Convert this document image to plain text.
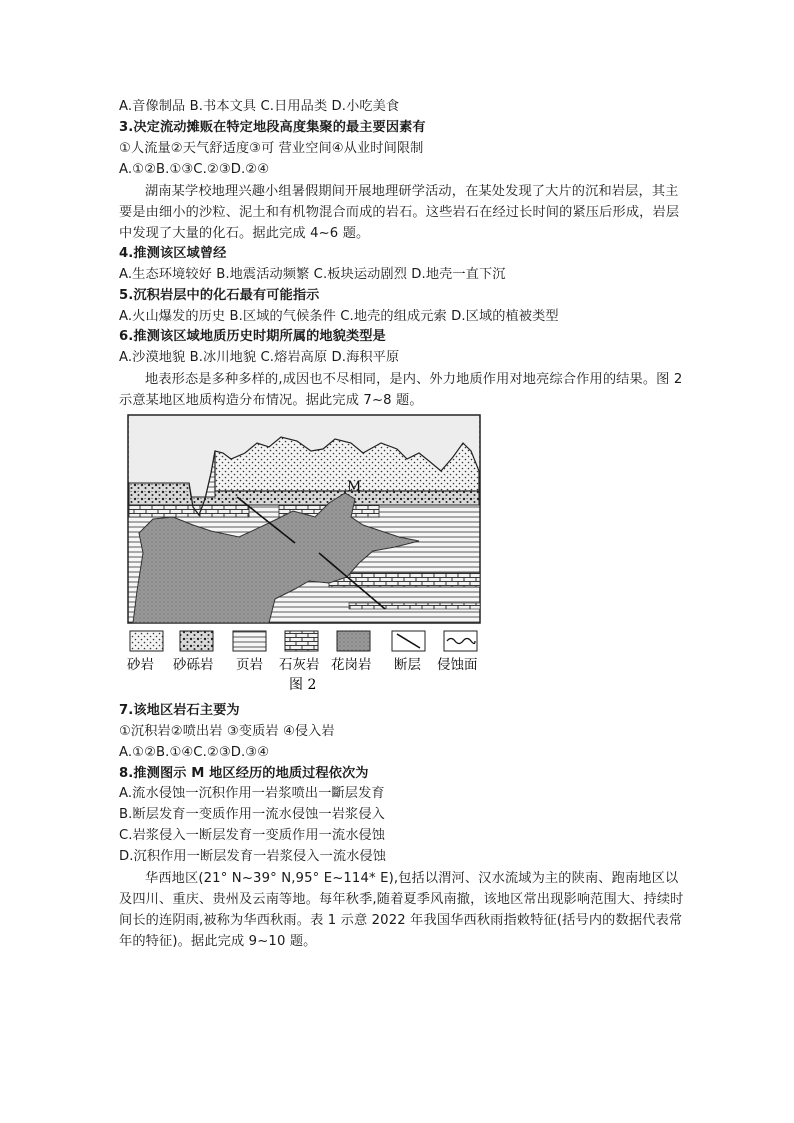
A.音像制品 B.书本文具 C.日用品类 D.小吃美食
3.决定流动摊贩在特定地段高度集聚的最主要因素有
①人流量②天气舒适度③可 营业空间④从业时间限制
A.①②B.①③C.②③D.②④
湖南某学校地理兴趣小组暑假期间开展地理研学活动，在某处发现了大片的沉和岩层，其主要是由细小的沙粒、泥土和有机物混合而成的岩石。这些岩石在经过长时间的紧压后形成，岩层中发现了大量的化石。据此完成 4~6 题。
4.推测该区域曾经
A.生态环境较好 B.地震活动频繁 C.板块运动剧烈 D.地壳一直下沉
5.沉积岩层中的化石最有可能指示
A.火山爆发的历史 B.区域的气候条件 C.地壳的组成元索 D.区域的植被类型
6.推测该区域地质历史时期所属的地貌类型是
A.沙漠地貌 B.冰川地貌 C.熔岩高原 D.海积平原
地表形态是多种多样的,成因也不尽相同，是内、外力地质作用对地亮综合作用的结果。图 2 示意某地区地质构造分布情况。据此完成 7~8 题。
M
砂岩 砂砾岩 页岩 石灰岩 花岗岩 断层 侵蚀面
图 2
7.该地区岩石主要为
①沉积岩②喷出岩 ③变质岩 ④侵入岩
A.①②B.①④C.②③D.③④
8.推测图示 M 地区经历的地质过程依次为
A.流水侵蚀一沉积作用一岩浆喷出一斷层发育
B.断层发育一变质作用一流水侵蚀一岩浆侵入
C.岩浆侵入一断层发育一变质作用一流水侵蚀
D.沉积作用一断层发育一岩浆侵入一流水侵蚀
华西地区(21° N~39° N,95° E~114* E),包括以渭河、汉水流域为主的陕南、跑南地区以及四川、重庆、贵州及云南等地。每年秋季,随着夏季风南撤，该地区常出现影响范围大、持续时间长的连阴雨,被称为华西秋雨。表 1 示意 2022 年我国华西秋雨指敕特征(括号内的数据代表常年的特征)。据此完成 9~10 题。
